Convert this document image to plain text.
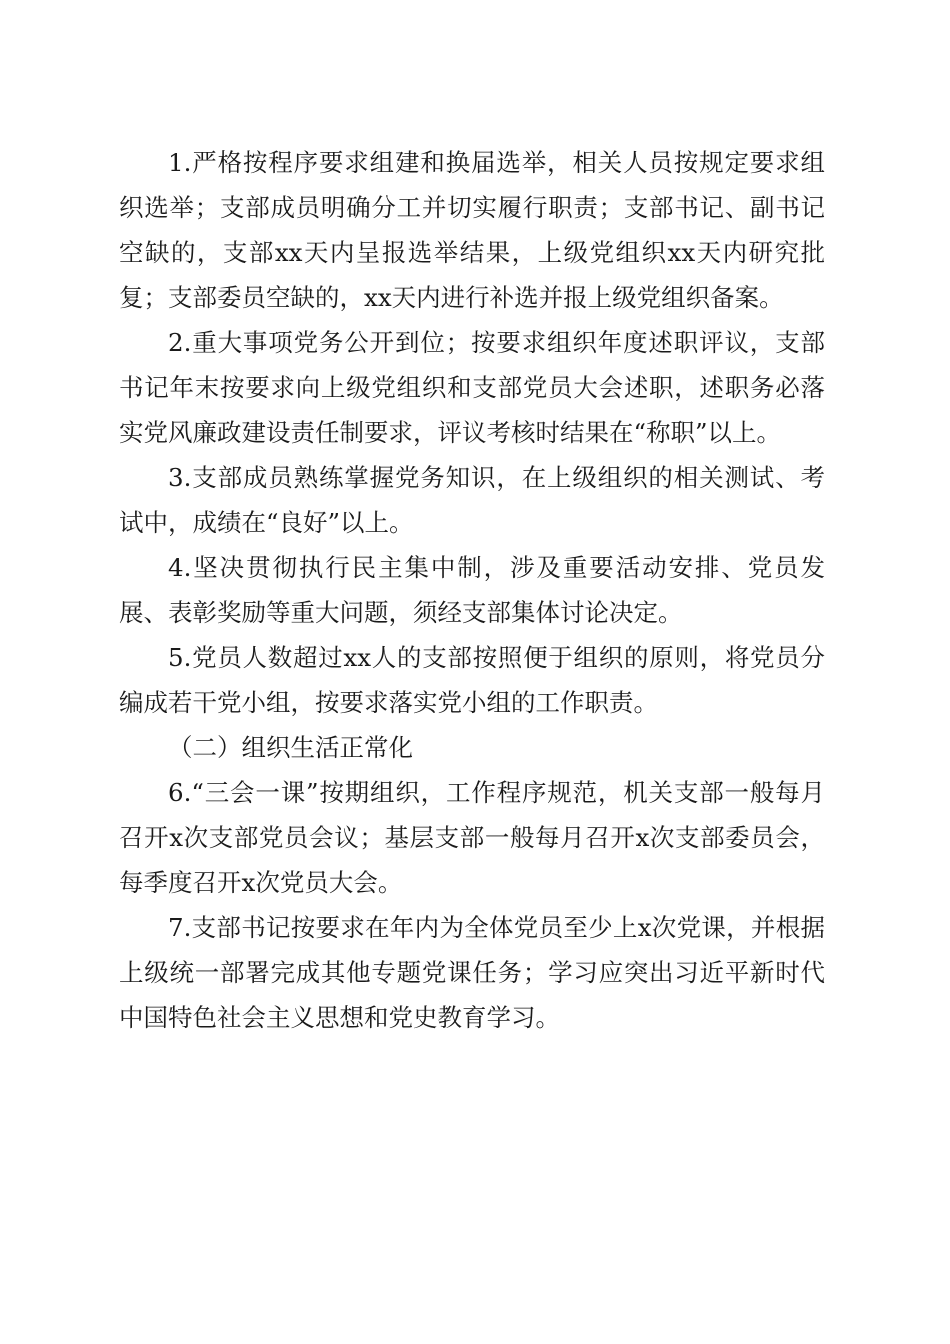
1.严格按程序要求组建和换届选举，相关人员按规定要求组织选举；支部成员明确分工并切实履行职责；支部书记、副书记空缺的，支部xx天内呈报选举结果，上级党组织xx天内研究批复；支部委员空缺的，xx天内进行补选并报上级党组织备案。

2.重大事项党务公开到位；按要求组织年度述职评议，支部书记年末按要求向上级党组织和支部党员大会述职，述职务必落实党风廉政建设责任制要求，评议考核时结果在“称职”以上。

3.支部成员熟练掌握党务知识，在上级组织的相关测试、考试中，成绩在“良好”以上。

4.坚决贯彻执行民主集中制，涉及重要活动安排、党员发展、表彰奖励等重大问题，须经支部集体讨论决定。

5.党员人数超过xx人的支部按照便于组织的原则，将党员分编成若干党小组，按要求落实党小组的工作职责。

（二）组织生活正常化

6.“三会一课”按期组织，工作程序规范，机关支部一般每月召开x次支部党员会议；基层支部一般每月召开x次支部委员会，每季度召开x次党员大会。

7.支部书记按要求在年内为全体党员至少上x次党课，并根据上级统一部署完成其他专题党课任务；学习应突出习近平新时代中国特色社会主义思想和党史教育学习。
